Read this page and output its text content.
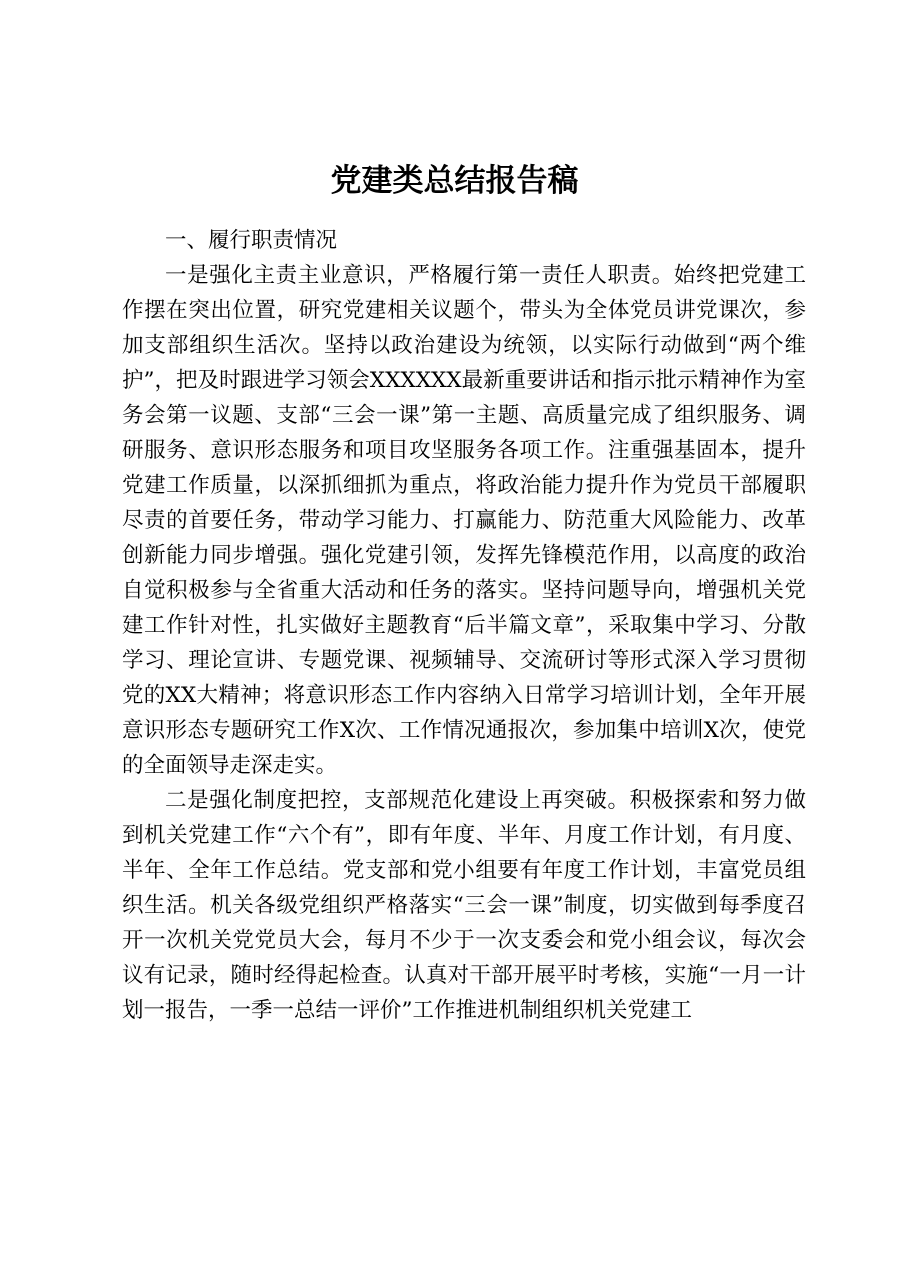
党建类总结报告稿

一、履行职责情况

一是强化主责主业意识，严格履行第一责任人职责。始终把党建工作摆在突出位置，研究党建相关议题个，带头为全体党员讲党课次，参加支部组织生活次。坚持以政治建设为统领，以实际行动做到“两个维护”，把及时跟进学习领会XXXXXX最新重要讲话和指示批示精神作为室务会第一议题、支部“三会一课”第一主题、高质量完成了组织服务、调研服务、意识形态服务和项目攻坚服务各项工作。注重强基固本，提升党建工作质量，以深抓细抓为重点，将政治能力提升作为党员干部履职尽责的首要任务，带动学习能力、打赢能力、防范重大风险能力、改革创新能力同步增强。强化党建引领，发挥先锋模范作用，以高度的政治自觉积极参与全省重大活动和任务的落实。坚持问题导向，增强机关党建工作针对性，扎实做好主题教育“后半篇文章”，采取集中学习、分散学习、理论宣讲、专题党课、视频辅导、交流研讨等形式深入学习贯彻党的XX大精神；将意识形态工作内容纳入日常学习培训计划，全年开展意识形态专题研究工作X次、工作情况通报次，参加集中培训X次，使党的全面领导走深走实。

二是强化制度把控，支部规范化建设上再突破。积极探索和努力做到机关党建工作“六个有”，即有年度、半年、月度工作计划，有月度、半年、全年工作总结。党支部和党小组要有年度工作计划，丰富党员组织生活。机关各级党组织严格落实“三会一课”制度，切实做到每季度召开一次机关党党员大会，每月不少于一次支委会和党小组会议，每次会议有记录，随时经得起检查。认真对干部开展平时考核，实施“一月一计划一报告，一季一总结一评价”工作推进机制组织机关党建工
